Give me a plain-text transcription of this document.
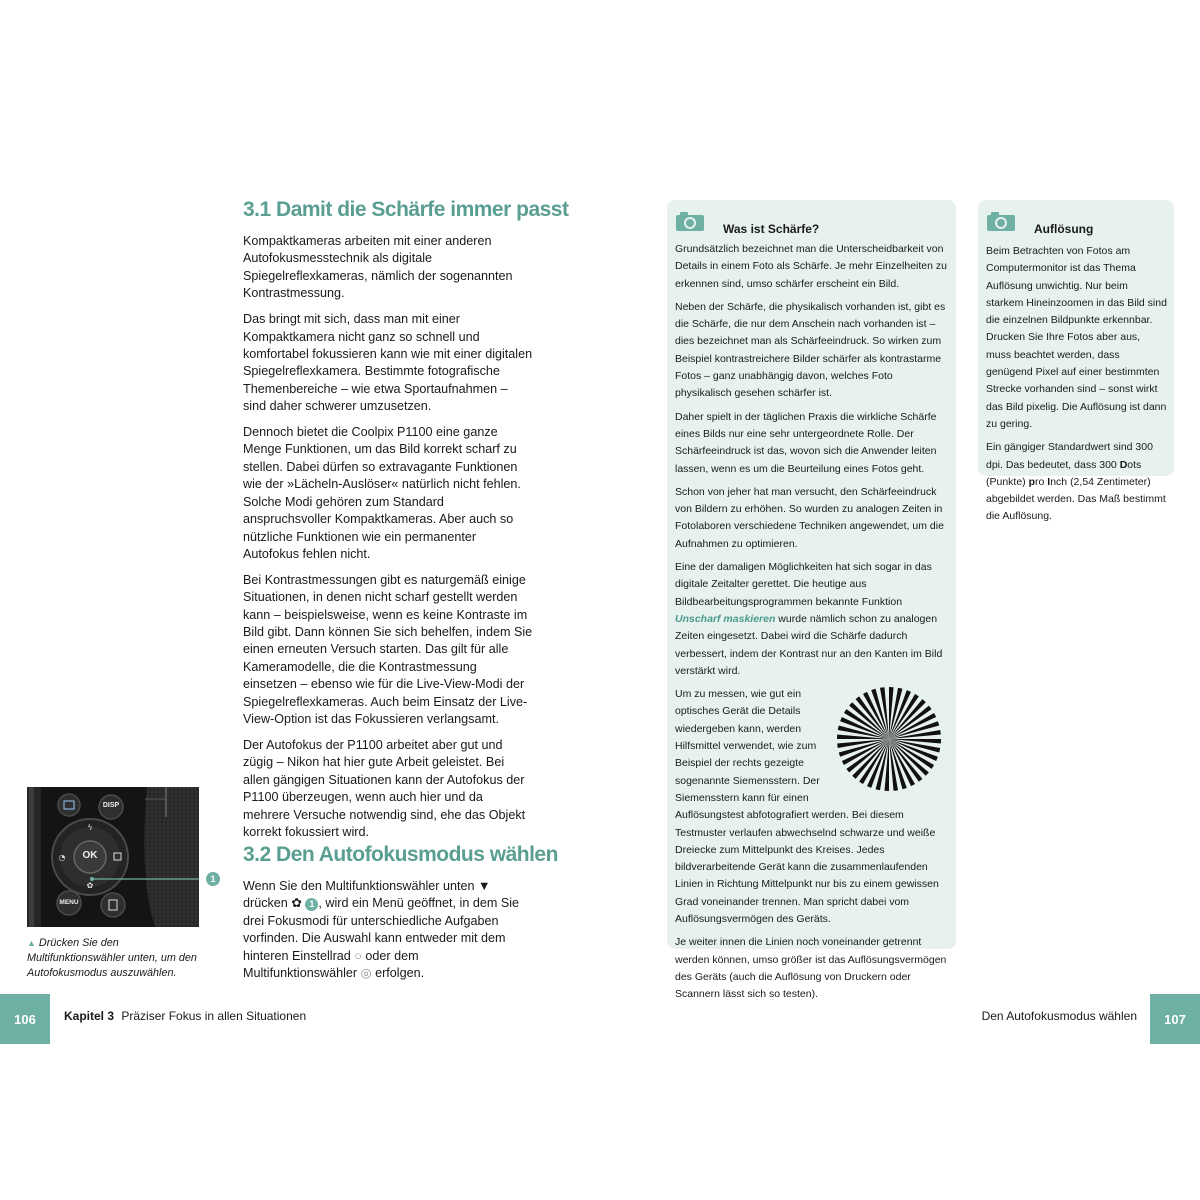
3.1 Damit die Schärfe immer passt

Kompaktkameras arbeiten mit einer anderen Autofokusmesstechnik als digitale Spiegelreflexkameras, nämlich der sogenannten Kontrastmessung.

Das bringt mit sich, dass man mit einer Kompaktkamera nicht ganz so schnell und komfortabel fokussieren kann wie mit einer digitalen Spiegelreflexkamera. Bestimmte fotografische Themenbereiche – wie etwa Sportaufnahmen – sind daher schwerer umzusetzen.

Dennoch bietet die Coolpix P1100 eine ganze Menge Funktionen, um das Bild korrekt scharf zu stellen. Dabei dürfen so extravagante Funktionen wie der »Lächeln-Auslöser« natürlich nicht fehlen. Solche Modi gehören zum Standard anspruchsvoller Kompaktkameras. Aber auch so nützliche Funktionen wie ein permanenter Autofokus fehlen nicht.

Bei Kontrastmessungen gibt es naturgemäß einige Situationen, in denen nicht scharf gestellt werden kann – beispielsweise, wenn es keine Kontraste im Bild gibt. Dann können Sie sich behelfen, indem Sie einen erneuten Versuch starten. Das gilt für alle Kameramodelle, die die Kontrastmessung einsetzen – ebenso wie für die Live-View-Modi der Spiegelreflexkameras. Auch beim Einsatz der Live-View-Option ist das Fokussieren verlangsamt.

Der Autofokus der P1100 arbeitet aber gut und zügig – Nikon hat hier gute Arbeit geleistet. Bei allen gängigen Situationen kann der Autofokus der P1100 überzeugen, wenn auch hier und da mehrere Versuche notwendig sind, ehe das Objekt korrekt fokussiert wird.

3.2 Den Autofokusmodus wählen

Wenn Sie den Multifunktionswähler unten ▼ drücken ✿ 1 , wird ein Menü geöffnet, in dem Sie drei Fokusmodi für unterschiedliche Aufgaben vorfinden. Die Auswahl kann entweder mit dem hinteren Einstellrad ○ oder dem Multifunktionswähler ◎ erfolgen.

ϟ
◔
✿
DISP
OK
MENU
1
▲ Drücken Sie den Multifunktionswähler unten, um den Autofokusmodus auszuwählen.
106	Kapitel 3 Präziser Fokus in allen Situationen
Was ist Schärfe?

Grundsätzlich bezeichnet man die Unterscheidbarkeit von Details in einem Foto als Schärfe. Je mehr Einzelheiten zu erkennen sind, umso schärfer erscheint ein Bild.

Neben der Schärfe, die physikalisch vorhanden ist, gibt es die Schärfe, die nur dem Anschein nach vorhanden ist – dies bezeichnet man als Schärfeeindruck. So wirken zum Beispiel kontrastreichere Bilder schärfer als kontrastarme Fotos – ganz unabhängig davon, welches Foto physikalisch gesehen schärfer ist.

Daher spielt in der täglichen Praxis die wirkliche Schärfe eines Bilds nur eine sehr untergeordnete Rolle. Der Schärfeeindruck ist das, wovon sich die Anwender leiten lassen, wenn es um die Beurteilung eines Fotos geht.

Schon von jeher hat man versucht, den Schärfeeindruck von Bildern zu erhöhen. So wurden zu analogen Zeiten in Fotolaboren verschiedene Techniken angewendet, um die Aufnahmen zu optimieren.

Eine der damaligen Möglichkeiten hat sich sogar in das digitale Zeitalter gerettet. Die heutige aus Bildbearbeitungsprogrammen bekannte Funktion Unscharf maskieren wurde nämlich schon zu analogen Zeiten eingesetzt. Dabei wird die Schärfe dadurch verbessert, indem der Kontrast nur an den Kanten im Bild verstärkt wird.

Um zu messen, wie gut ein optisches Gerät die Details wiedergeben kann, werden Hilfsmittel verwendet, wie zum Beispiel der rechts gezeigte sogenannte Siemensstern. Der Siemensstern kann für einen Auflösungstest abfotografiert werden. Bei diesem Testmuster verlaufen abwechselnd schwarze und weiße Dreiecke zum Mittelpunkt des Kreises. Jedes bildverarbeitende Gerät kann die zusammenlaufenden Linien in Richtung Mittelpunkt nur bis zu einem gewissen Grad voneinander trennen. Man spricht dabei vom Auflösungsvermögen des Geräts.

Je weiter innen die Linien noch voneinander getrennt werden können, umso größer ist das Auflösungsvermögen des Geräts (auch die Auflösung von Druckern oder Scannern lässt sich so testen).

Auflösung

Beim Betrachten von Fotos am Computermonitor ist das Thema Auflösung unwichtig. Nur beim starkem Hineinzoomen in das Bild sind die einzelnen Bildpunkte erkennbar. Drucken Sie Ihre Fotos aber aus, muss beachtet werden, dass genügend Pixel auf einer bestimmten Strecke vorhanden sind – sonst wirkt das Bild pixelig. Die Auflösung ist dann zu gering.

Ein gängiger Standardwert sind 300 dpi. Das bedeutet, dass 300 Dots (Punkte) pro Inch (2,54 Zentimeter) abgebildet werden. Das Maß bestimmt die Auflösung.

Den Autofokusmodus wählen	107
